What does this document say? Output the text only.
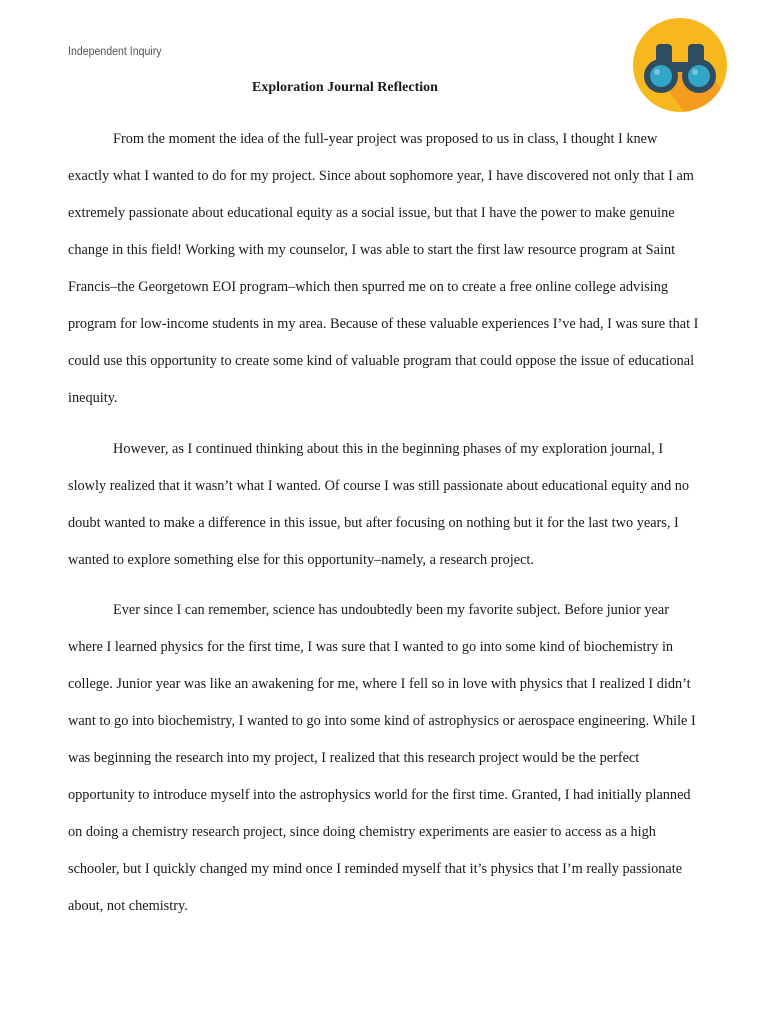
Independent Inquiry
Exploration Journal Reflection

From the moment the idea of the full-year project was proposed to us in class, I thought I knew exactly what I wanted to do for my project. Since about sophomore year, I have discovered not only that I am extremely passionate about educational equity as a social issue, but that I have the power to make genuine change in this field! Working with my counselor, I was able to start the first law resource program at Saint Francis–the Georgetown EOI program–which then spurred me on to create a free online college advising program for low-income students in my area. Because of these valuable experiences I’ve had, I was sure that I could use this opportunity to create some kind of valuable program that could oppose the issue of educational inequity.

However, as I continued thinking about this in the beginning phases of my exploration journal, I slowly realized that it wasn’t what I wanted. Of course I was still passionate about educational equity and no doubt wanted to make a difference in this issue, but after focusing on nothing but it for the last two years, I wanted to explore something else for this opportunity–namely, a research project.

Ever since I can remember, science has undoubtedly been my favorite subject. Before junior year where I learned physics for the first time, I was sure that I wanted to go into some kind of biochemistry in college. Junior year was like an awakening for me, where I fell so in love with physics that I realized I didn’t want to go into biochemistry, I wanted to go into some kind of astrophysics or aerospace engineering. While I was beginning the research into my project, I realized that this research project would be the perfect opportunity to introduce myself into the astrophysics world for the first time. Granted, I had initially planned on doing a chemistry research project, since doing chemistry experiments are easier to access as a high schooler, but I quickly changed my mind once I reminded myself that it’s physics that I’m really passionate about, not chemistry.
